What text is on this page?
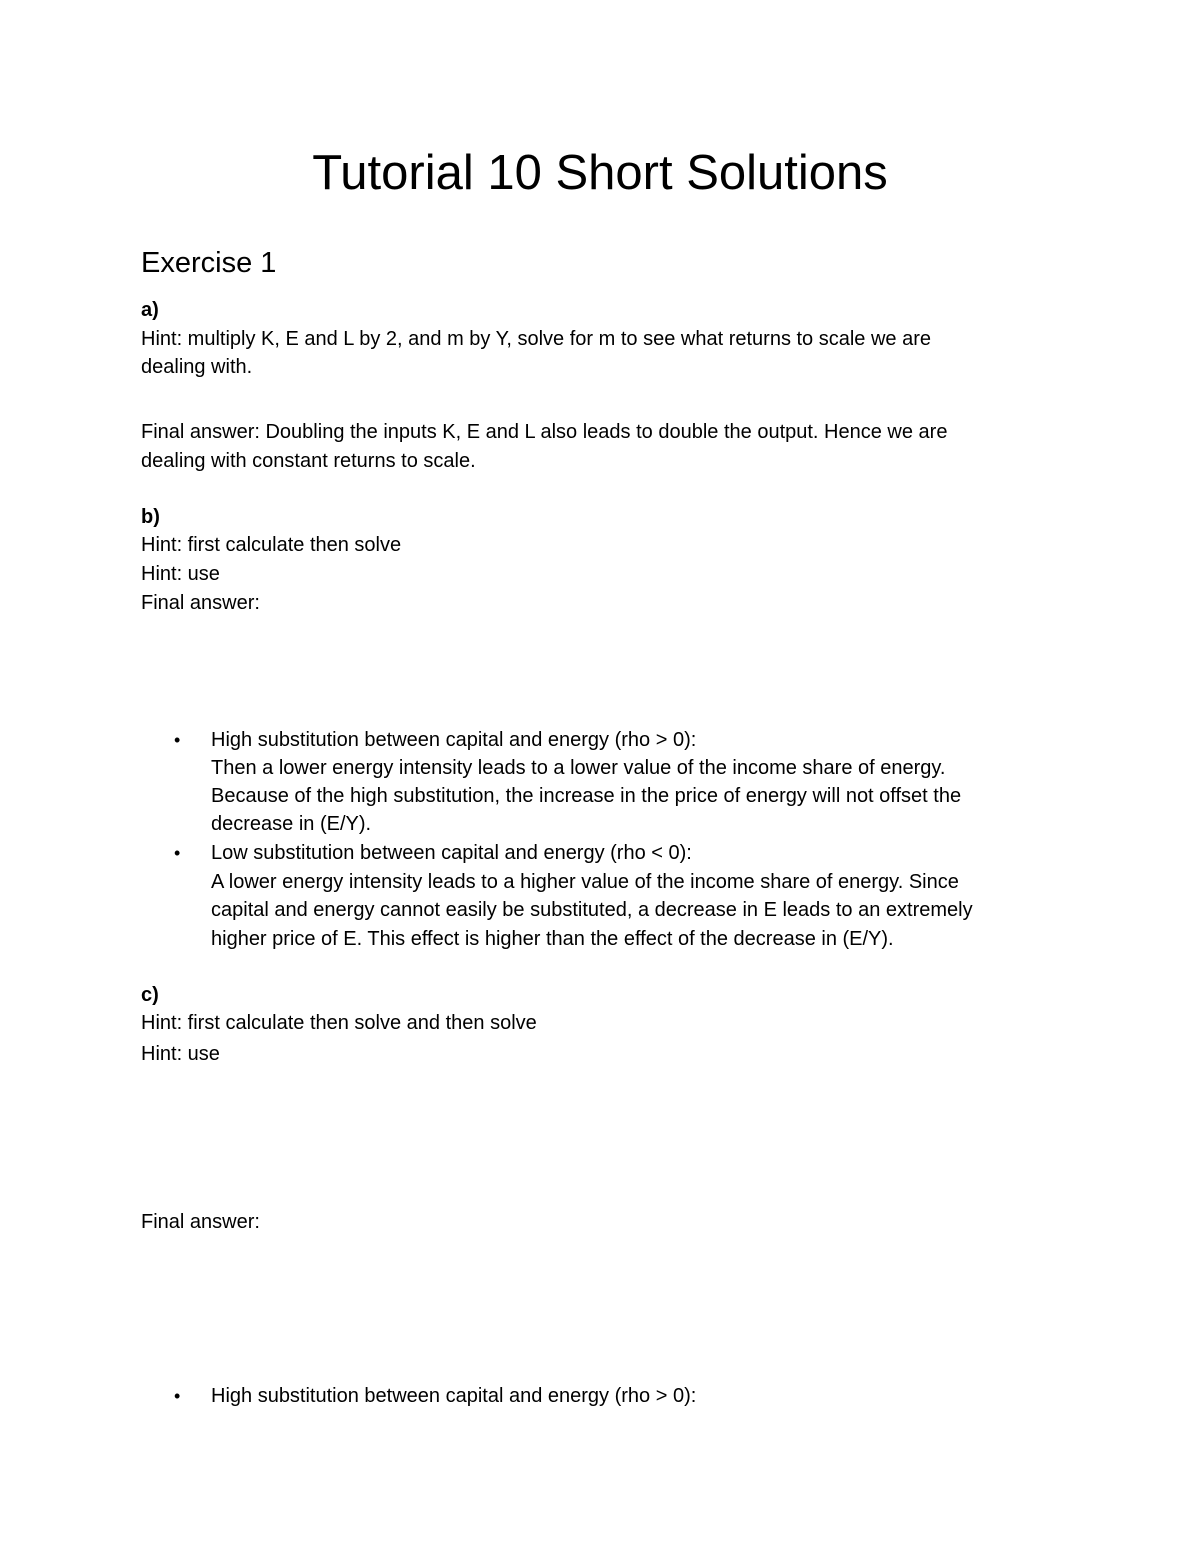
Tutorial 10 Short Solutions
Exercise 1

a)

Hint: multiply K, E and L by 2, and m by Y, solve for m to see what returns to scale we are

dealing with.

Final answer: Doubling the inputs K, E and L also leads to double the output. Hence we are

dealing with constant returns to scale.

b)

Hint: first calculate then solve

Hint: use

Final answer:

• High substitution between capital and energy (rho > 0):
Then a lower energy intensity leads to a lower value of the income share of energy.
Because of the high substitution, the increase in the price of energy will not offset the
decrease in (E/Y).
• Low substitution between capital and energy (rho < 0):
A lower energy intensity leads to a higher value of the income share of energy. Since
capital and energy cannot easily be substituted, a decrease in E leads to an extremely
higher price of E. This effect is higher than the effect of the decrease in (E/Y).

c)

Hint: first calculate then solve and then solve

Hint: use

Final answer:

• High substitution between capital and energy (rho > 0):
